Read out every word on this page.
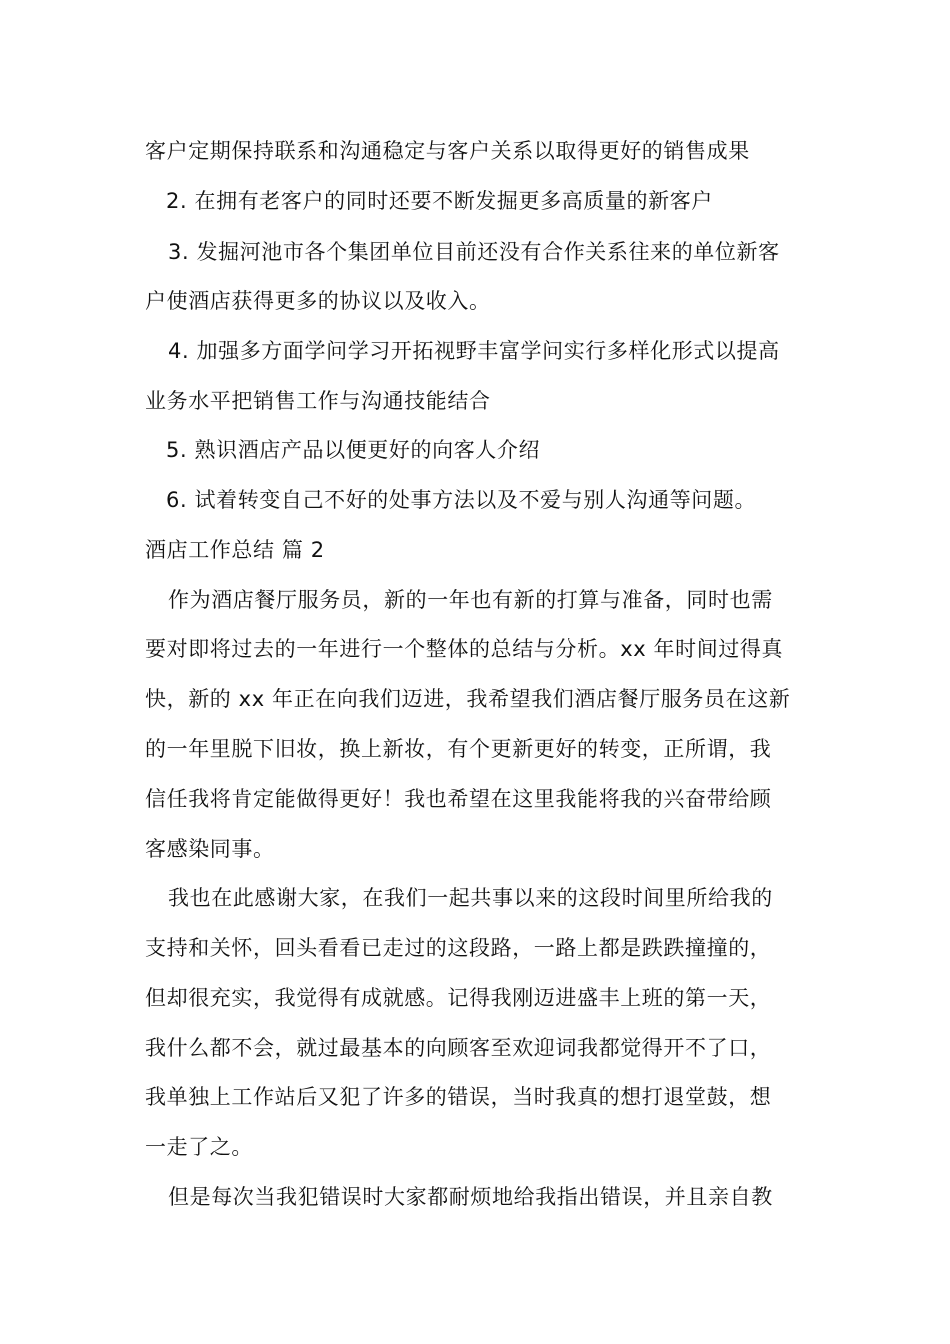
客户定期保持联系和沟通稳定与客户关系以取得更好的销售成果
2. 在拥有老客户的同时还要不断发掘更多高质量的新客户
3. 发掘河池市各个集团单位目前还没有合作关系往来的单位新客
户使酒店获得更多的协议以及收入。
4. 加强多方面学问学习开拓视野丰富学问实行多样化形式以提高
业务水平把销售工作与沟通技能结合
5. 熟识酒店产品以便更好的向客人介绍
6. 试着转变自己不好的处事方法以及不爱与别人沟通等问题。
酒店工作总结 篇 2
作为酒店餐厅服务员，新的一年也有新的打算与准备，同时也需
要对即将过去的一年进行一个整体的总结与分析。xx 年时间过得真
快，新的 xx 年正在向我们迈进，我希望我们酒店餐厅服务员在这新
的一年里脱下旧妆，换上新妆，有个更新更好的转变，正所谓，我
信任我将肯定能做得更好！我也希望在这里我能将我的兴奋带给顾
客感染同事。
我也在此感谢大家，在我们一起共事以来的这段时间里所给我的
支持和关怀，回头看看已走过的这段路，一路上都是跌跌撞撞的，
但却很充实，我觉得有成就感。记得我刚迈进盛丰上班的第一天，
我什么都不会，就过最基本的向顾客至欢迎词我都觉得开不了口，
我单独上工作站后又犯了许多的错误，当时我真的想打退堂鼓，想
一走了之。
但是每次当我犯错误时大家都耐烦地给我指出错误，并且亲自教
